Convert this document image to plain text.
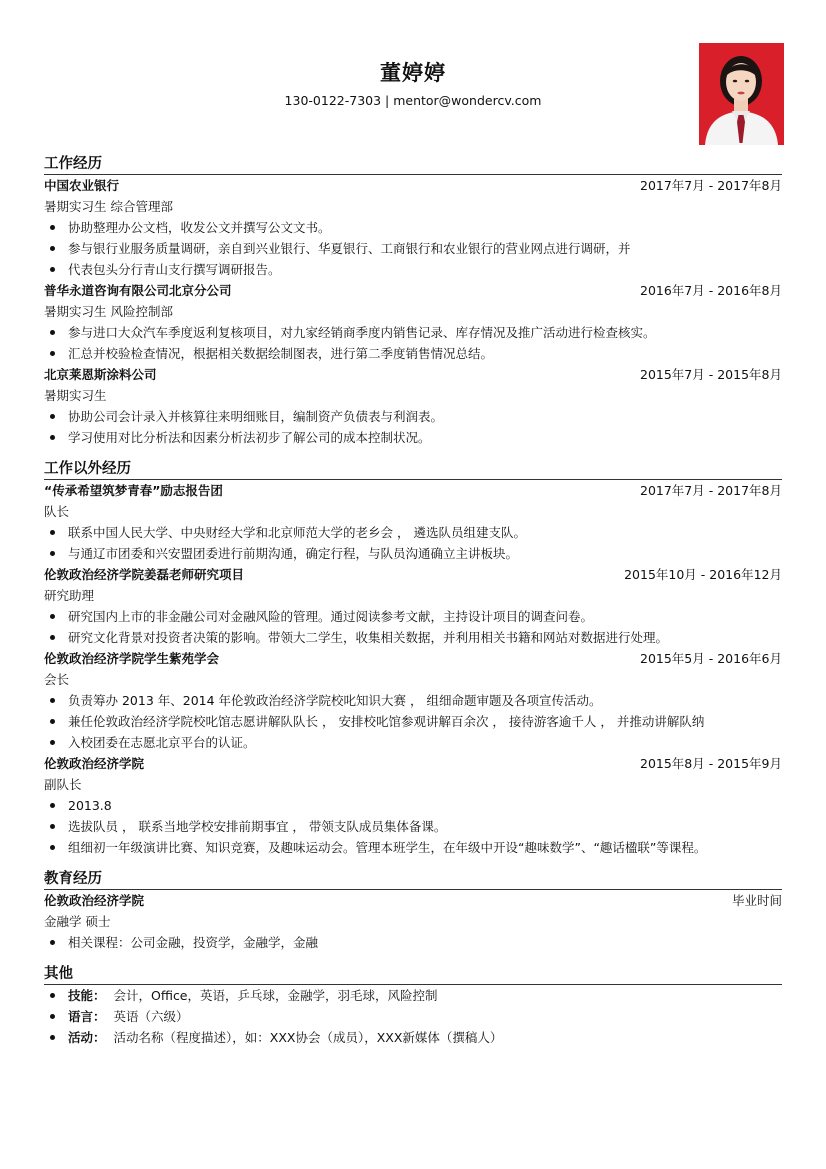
董婷婷
130-0122-7303 | mentor@wondercv.com
工作经历
中国农业银行	2017年7月 - 2017年8月
暑期实习生 综合管理部
协助整理办公文档，收发公文并撰写公文文书。
参与银行业服务质量调研，亲自到兴业银行、华夏银行、工商银行和农业银行的营业网点进行调研，并
代表包头分行青山支行撰写调研报告。
普华永道咨询有限公司北京分公司	2016年7月 - 2016年8月
暑期实习生 风险控制部
参与进口大众汽车季度返利复核项目，对九家经销商季度内销售记录、库存情况及推广活动进行检查核实。
汇总并校验检查情况，根据相关数据绘制图表，进行第二季度销售情况总结。
北京莱恩斯涂料公司	2015年7月 - 2015年8月
暑期实习生
协助公司会计录入并核算往来明细账目，编制资产负债表与利润表。
学习使用对比分析法和因素分析法初步了解公司的成本控制状况。
工作以外经历
“传承希望筑梦青春”励志报告团	2017年7月 - 2017年8月
队长
联系中国人民大学、中央财经大学和北京师范大学的老乡会 ， 遴选队员组建支队。
与通辽市团委和兴安盟团委进行前期沟通，确定行程，与队员沟通确立主讲板块。
伦敦政治经济学院姜磊老师研究项目	2015年10月 - 2016年12月
研究助理
研究国内上市的非金融公司对金融风险的管理。通过阅读参考文献，主持设计项目的调查问卷。
研究文化背景对投资者决策的影响。带领大二学生，收集相关数据，并利用相关书籍和网站对数据进行处理。
伦敦政治经济学院学生紫苑学会	2015年5月 - 2016年6月
会长
负责筹办 2013 年、2014 年伦敦政治经济学院校叱知识大赛 ， 组细命题审题及各项宣传活动。
兼任伦敦政治经济学院校叱馆志愿讲解队队长 ， 安排校叱馆参观讲解百余次 ， 接待游客逾千人 ， 并推动讲解队纳
入校团委在志愿北京平台的认证。
伦敦政治经济学院	2015年8月 - 2015年9月
副队长
2013.8
选拔队员 ， 联系当地学校安排前期事宜 ， 带领支队成员集体备课。
组细初一年级演讲比赛、知识竞赛，及趣味运动会。管理本班学生，在年级中开设“趣味数学”、“趣话楹联”等课程。
教育经历
伦敦政治经济学院	毕业时间
金融学 硕士
相关课程：公司金融，投资学，金融学，金融
其他
技能： 会计，Office，英语，乒乓球，金融学，羽毛球，风险控制
语言： 英语（六级）
活动： 活动名称（程度描述），如：XXX协会（成员），XXX新媒体（撰稿人）
